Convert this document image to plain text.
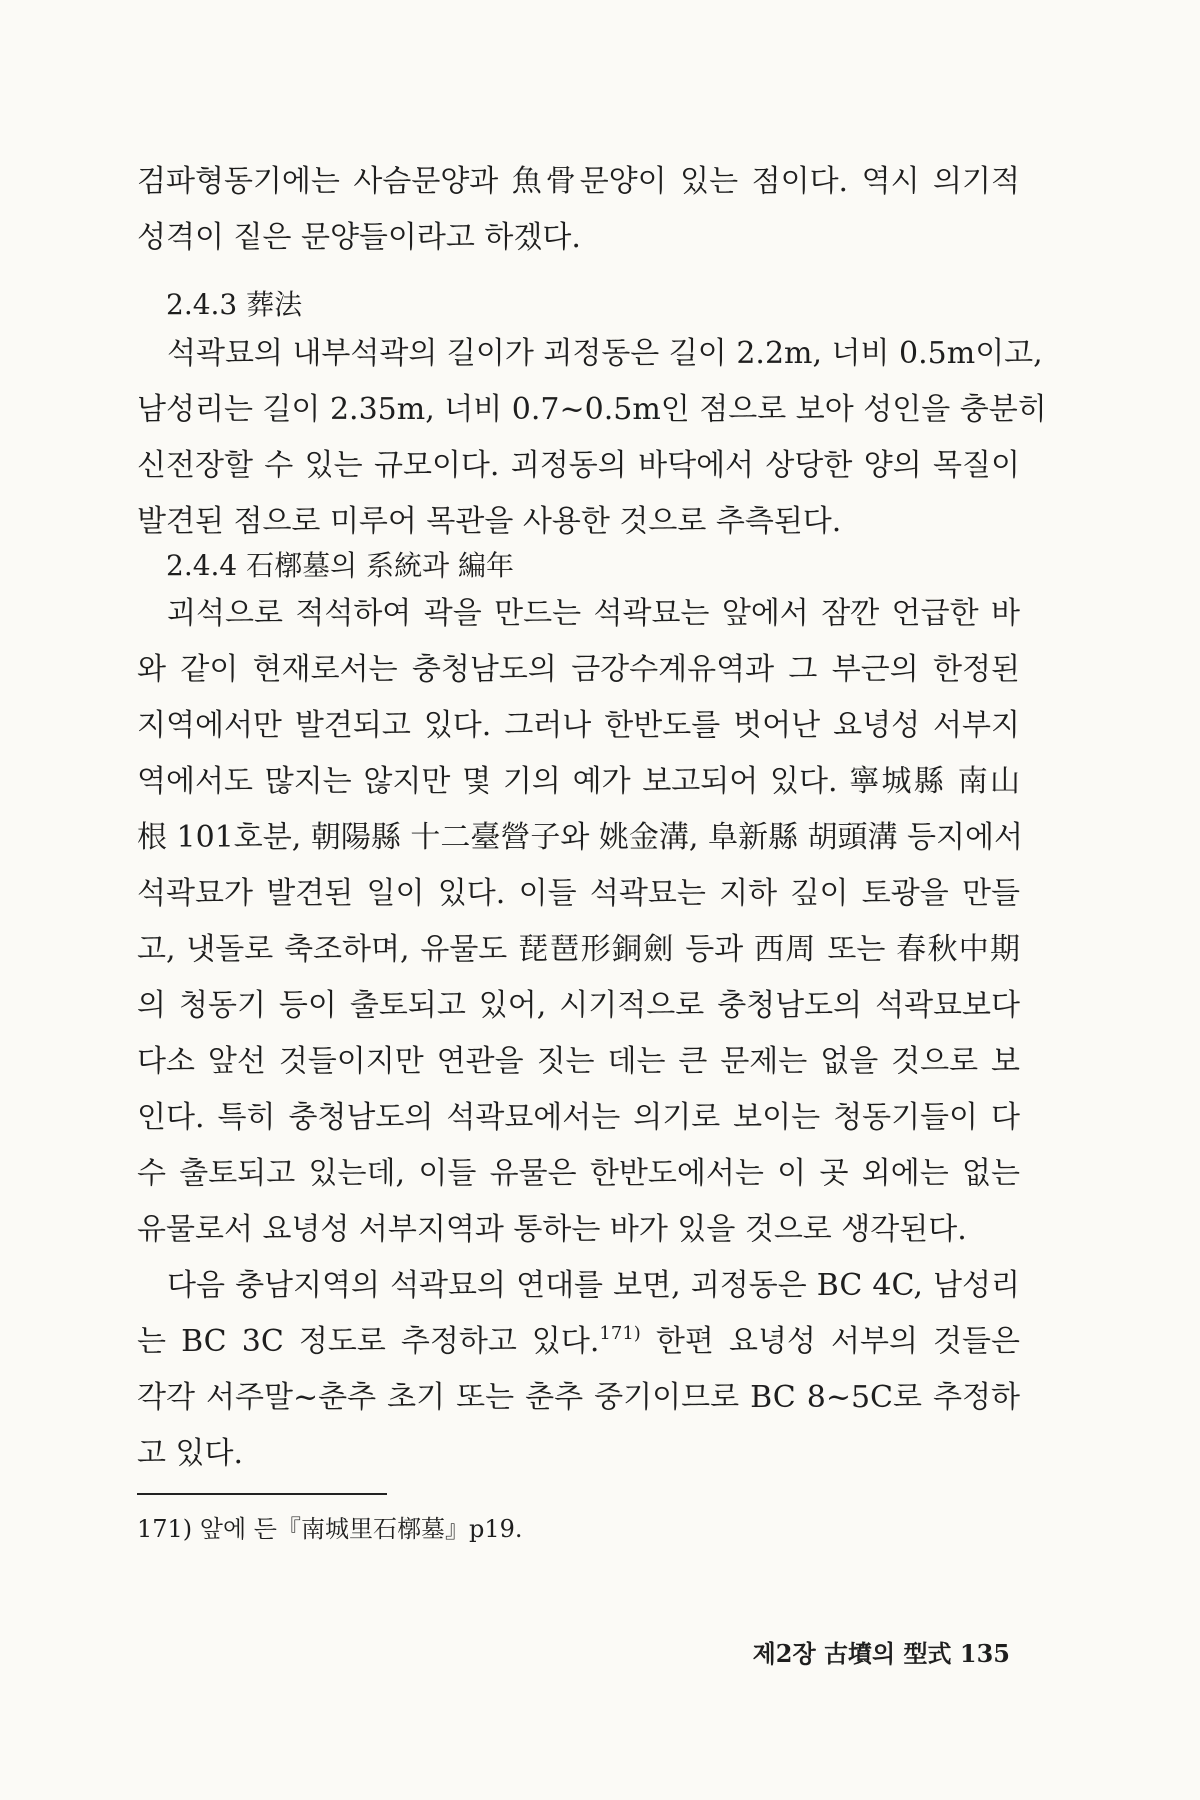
검파형동기에는 사슴문양과 魚骨문양이 있는 점이다. 역시 의기적

성격이 짙은 문양들이라고 하겠다.

2.4.3 葬法

석곽묘의 내부석곽의 길이가 괴정동은 길이 2.2m, 너비 0.5m이고,

남성리는 길이 2.35m, 너비 0.7~0.5m인 점으로 보아 성인을 충분히

신전장할 수 있는 규모이다. 괴정동의 바닥에서 상당한 양의 목질이

발견된 점으로 미루어 목관을 사용한 것으로 추측된다.

2.4.4 石槨墓의 系統과 編年

괴석으로 적석하여 곽을 만드는 석곽묘는 앞에서 잠깐 언급한 바

와 같이 현재로서는 충청남도의 금강수계유역과 그 부근의 한정된

지역에서만 발견되고 있다. 그러나 한반도를 벗어난 요녕성 서부지

역에서도 많지는 않지만 몇 기의 예가 보고되어 있다. 寧城縣 南山

根 101호분, 朝陽縣 十二臺營子와 姚金溝, 阜新縣 胡頭溝 등지에서

석곽묘가 발견된 일이 있다. 이들 석곽묘는 지하 깊이 토광을 만들

고, 냇돌로 축조하며, 유물도 琵琶形銅劍 등과 西周 또는 春秋中期

의 청동기 등이 출토되고 있어, 시기적으로 충청남도의 석곽묘보다

다소 앞선 것들이지만 연관을 짓는 데는 큰 문제는 없을 것으로 보

인다. 특히 충청남도의 석곽묘에서는 의기로 보이는 청동기들이 다

수 출토되고 있는데, 이들 유물은 한반도에서는 이 곳 외에는 없는

유물로서 요녕성 서부지역과 통하는 바가 있을 것으로 생각된다.

다음 충남지역의 석곽묘의 연대를 보면, 괴정동은 BC 4C, 남성리

는 BC 3C 정도로 추정하고 있다.$^{171)}$ 한편 요녕성 서부의 것들은

각각 서주말~춘추 초기 또는 춘추 중기이므로 BC 8~5C로 추정하

고 있다.

171) 앞에 든『南城里石槨墓』p19.
제2장 古墳의 型式 135
